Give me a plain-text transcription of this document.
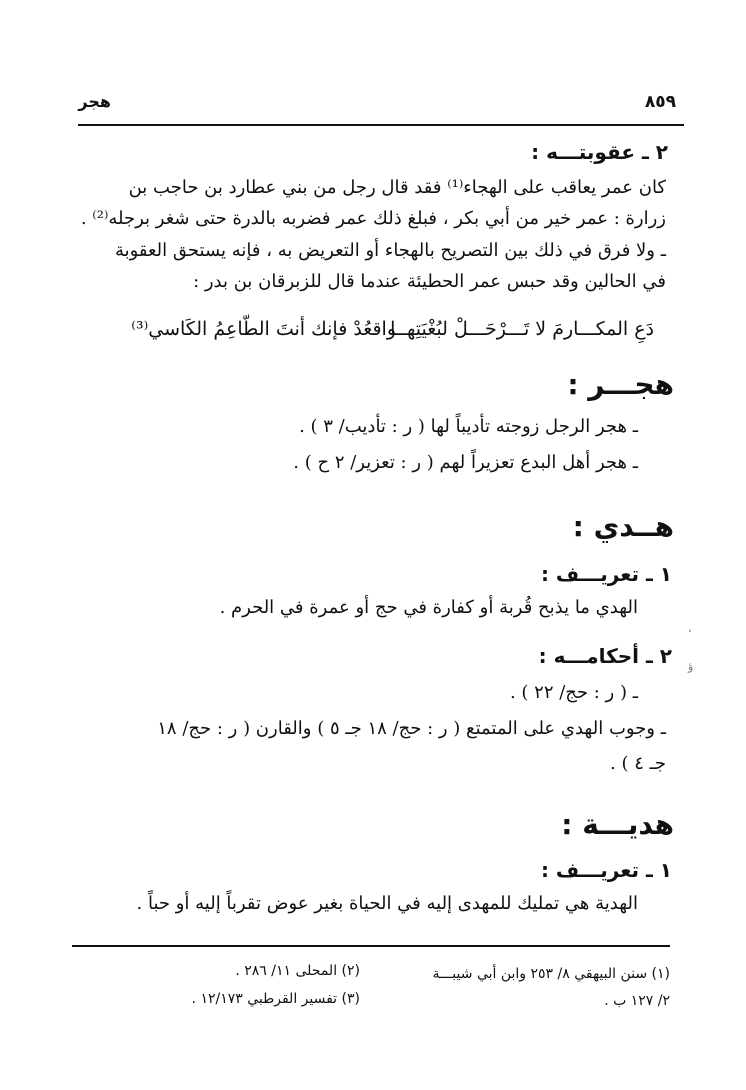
هجر	٨٥٩
٢ ـ عقوبتـــه :
كان عمر يعاقب على الهجاء⁽¹⁾ فقد قال رجل من بني عطارد بن حاجب بن
زرارة : عمر خير من أبي بكر ، فبلغ ذلك عمر فضربه بالدرة حتى شغر برجله⁽²⁾ .
ـ ولا فرق في ذلك بين التصريح بالهجاء أو التعريض به ، فإنه يستحق العقوبة
في الحالين وقد حبس عمر الحطيئة عندما قال للزبرقان بن بدر :
دَعِ المكـــارمَ لا تَـــرْحَـــلْ لبُغْيَتِهــا
واقعُدْ فإنك أنتَ الطّاعِمُ الكَاسي⁽³⁾
هجـــر :
ـ هجر الرجل زوجته تأديباً لها ( ر : تأديب/ ٣ ) .
ـ هجر أهل البدع تعزيراً لهم ( ر : تعزير/ ٢ ح ) .
هــدي :
١ ـ تعريـــف :
الهدي ما يذبح قُربة أو كفارة في حج أو عمرة في الحرم .
٢ ـ أحكامـــه :
ـ ( ر : حج/ ٢٢ ) .
ـ وجوب الهدي على المتمتع ( ر : حج/ ١٨ جـ ٥ ) والقارن ( ر : حج/ ١٨
جـ ٤ ) .
هديـــة :
١ ـ تعريـــف :
الهدية هي تمليك للمهدى إليه في الحياة بغير عوض تقرباً إليه أو حباً .
(١) سنن البيهقي ٨/ ٢٥٣ وابن أبي شيبـــة
٢/ ١٢٧ ب .
(٢) المحلى ١١/ ٢٨٦ .
(٣) تفسير القرطبي ١٢/١٧٣ .
،
ؤ
